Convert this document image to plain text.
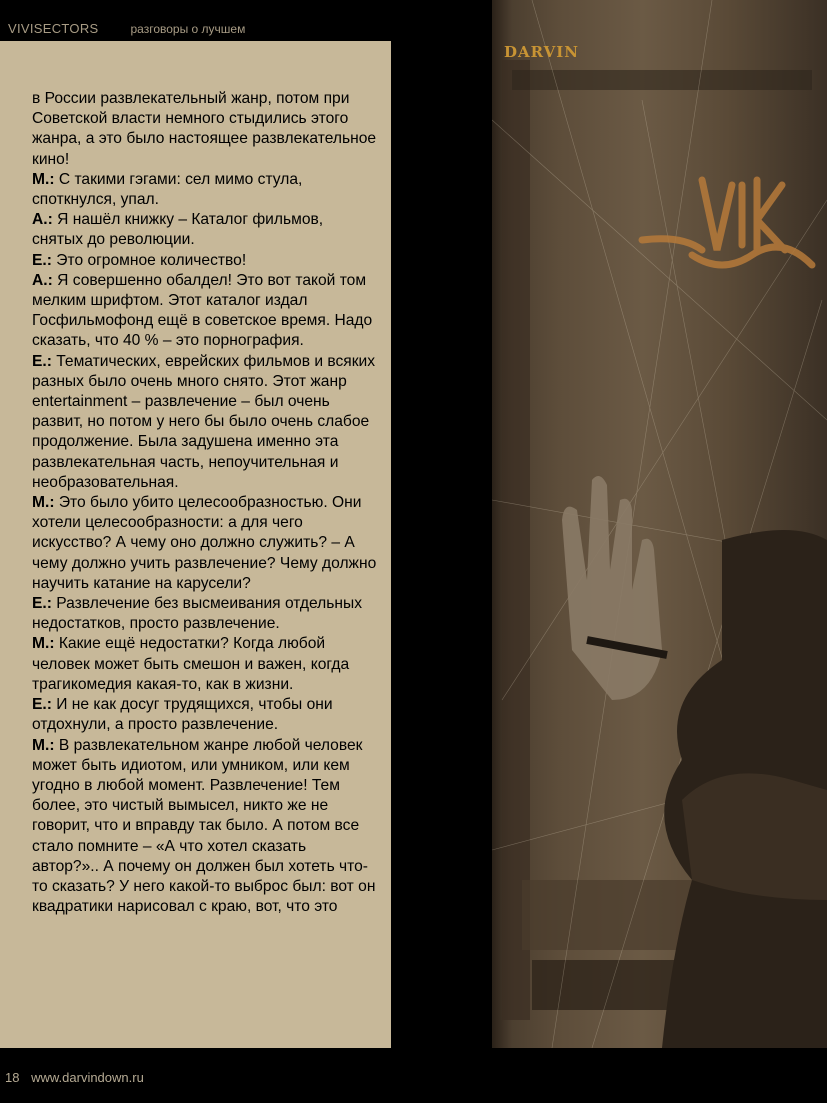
VIVISECTORS	разговоры о лучшем

в России развлекательный жанр, потом при Советской власти немного стыдились этого жанра, а это было настоящее развлекательное кино!

М.: С такими гэгами: сел мимо стула, споткнулся, упал.

А.: Я нашёл книжку – Каталог фильмов, снятых до революции.

Е.: Это огромное количество!

А.: Я совершенно обалдел! Это вот такой том мелким шрифтом. Этот каталог издал Госфильмофонд ещё в советское время. Надо сказать, что 40 % – это порнография.

Е.: Тематических, еврейских фильмов и всяких разных было очень много снято. Этот жанр entertainment – развлечение – был очень развит, но потом у него бы было очень слабое продолжение. Была задушена именно эта развлекательная часть, непоучительная и необразовательная.

М.: Это было убито целесообразностью. Они хотели целесообразности: а для чего искусство? А чему оно должно служить? – А чему должно учить развлечение? Чему должно научить катание на карусели?

Е.: Развлечение без высмеивания отдельных недостатков, просто развлечение.

М.: Какие ещё недостатки? Когда любой человек может быть смешон и важен, когда трагикомедия какая-то, как в жизни.

Е.: И не как досуг трудящихся, чтобы они отдохнули, а просто развлечение.

М.: В развлекательном жанре любой человек может быть идиотом, или умником, или кем угодно в любой момент. Развлечение! Тем более, это чистый вымысел, никто же не говорит, что и вправду так было. А потом все стало помните – «А что хотел сказать автор?».. А почему он должен был хотеть что-то сказать? У него какой-то выброс был: вот он квадратики нарисовал с краю, вот, что это

DARVIN
18 www.darvindown.ru
